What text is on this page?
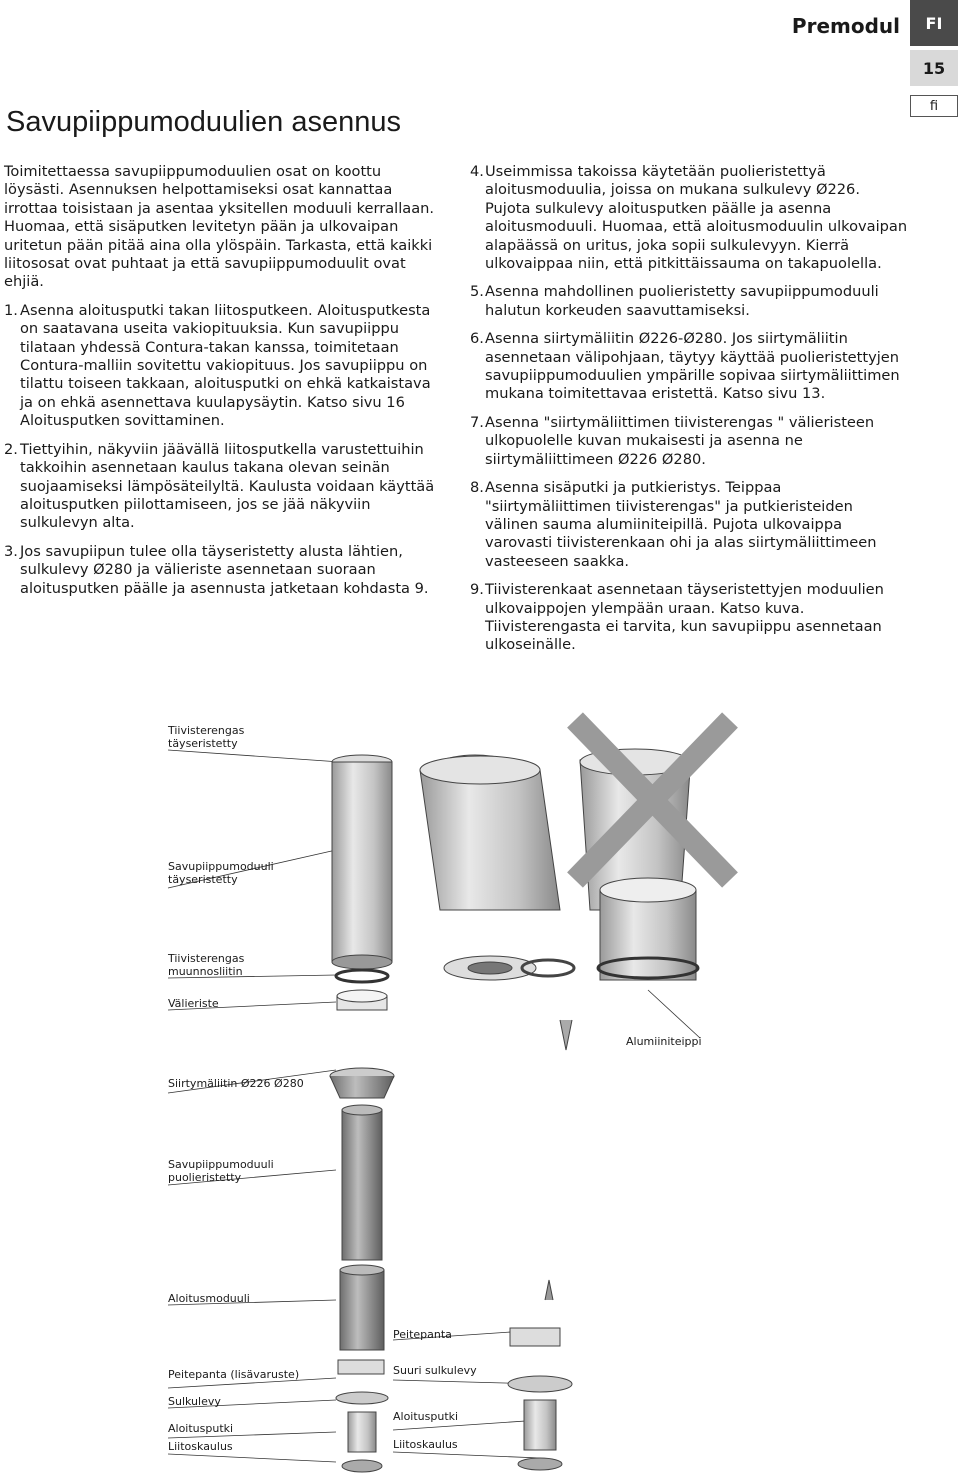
Premodul	FI
15
fi
Savupiippumoduulien asennus

Toimitettaessa savupiippumoduulien osat on koottu löysästi. Asennuksen helpottamiseksi osat kannattaa irrottaa toisistaan ja asentaa yksitellen moduuli kerrallaan. Huomaa, että sisäputken levitetyn pään ja ulkovaipan uritetun pään pitää aina olla ylöspäin. Tarkasta, että kaikki liitososat ovat puhtaat ja että savupiippumoduulit ovat ehjiä.

1. Asenna aloitusputki takan liitosputkeen. Aloitusputkesta on saatavana useita vakiopituuksia. Kun savupiippu tilataan yhdessä Contura-takan kanssa, toimitetaan Contura-malliin sovitettu vakiopituus. Jos savupiippu on tilattu toiseen takkaan, aloitusputki on ehkä katkaistava ja on ehkä asennettava kuulapysäytin. Katso sivu 16 Aloitusputken sovittaminen.
2. Tiettyihin, näkyviin jäävällä liitosputkella varustettuihin takkoihin asennetaan kaulus takana olevan seinän suojaamiseksi lämpösäteilyltä. Kaulusta voidaan käyttää aloitusputken piilottamiseen, jos se jää näkyviin sulkulevyn alta.
3. Jos savupiipun tulee olla täyseristetty alusta lähtien, sulkulevy Ø280 ja välieriste asennetaan suoraan aloitusputken päälle ja asennusta jatketaan kohdasta 9.
4. Useimmissa takoissa käytetään puolieristettyä aloitusmoduulia, joissa on mukana sulkulevy Ø226. Pujota sulkulevy aloitusputken päälle ja asenna aloitusmoduuli. Huomaa, että aloitusmoduulin ulkovaipan alapäässä on uritus, joka sopii sulkulevyyn. Kierrä ulkovaippaa niin, että pitkittäissauma on takapuolella.
5. Asenna mahdollinen puolieristetty savupiippumoduuli halutun korkeuden saavuttamiseksi.
6. Asenna siirtymäliitin Ø226-Ø280. Jos siirtymäliitin asennetaan välipohjaan, täytyy käyttää puolieristettyjen savupiippumoduulien ympärille sopivaa siirtymäliittimen mukana toimitettavaa eristettä. Katso sivu 13.
7. Asenna "siirtymäliittimen tiivisterengas " välieristeen ulkopuolelle kuvan mukaisesti ja asenna ne siirtymäliittimeen Ø226 Ø280.
8. Asenna sisäputki ja putkieristys. Teippaa "siirtymäliittimen tiivisterengas" ja putkieristeiden välinen sauma alumiiniteipillä. Pujota ulkovaippa varovasti tiivisterenkaan ohi ja alas siirtymäliittimeen vasteeseen saakka.
9. Tiivisterenkaat asennetaan täyseristettyjen moduulien ulkovaippojen ylempään uraan. Katso kuva. Tiivisterengasta ei tarvita, kun savupiippu asennetaan ulkoseinälle.
Tiivisterengas
täyseristetty
Savupiippumoduuli
täyseristetty
Tiivisterengas
muunnosliitin
Välieriste
Alumiiniteippi
Siirtymäliitin Ø226 Ø280
Savupiippumoduuli
puolieristetty
Aloitusmoduuli
Peitepanta
Peitepanta (lisävaruste)	Suuri sulkulevy
Sulkulevy
Aloitusputki
Aloitusputki
Liitoskaulus
Liitoskaulus
